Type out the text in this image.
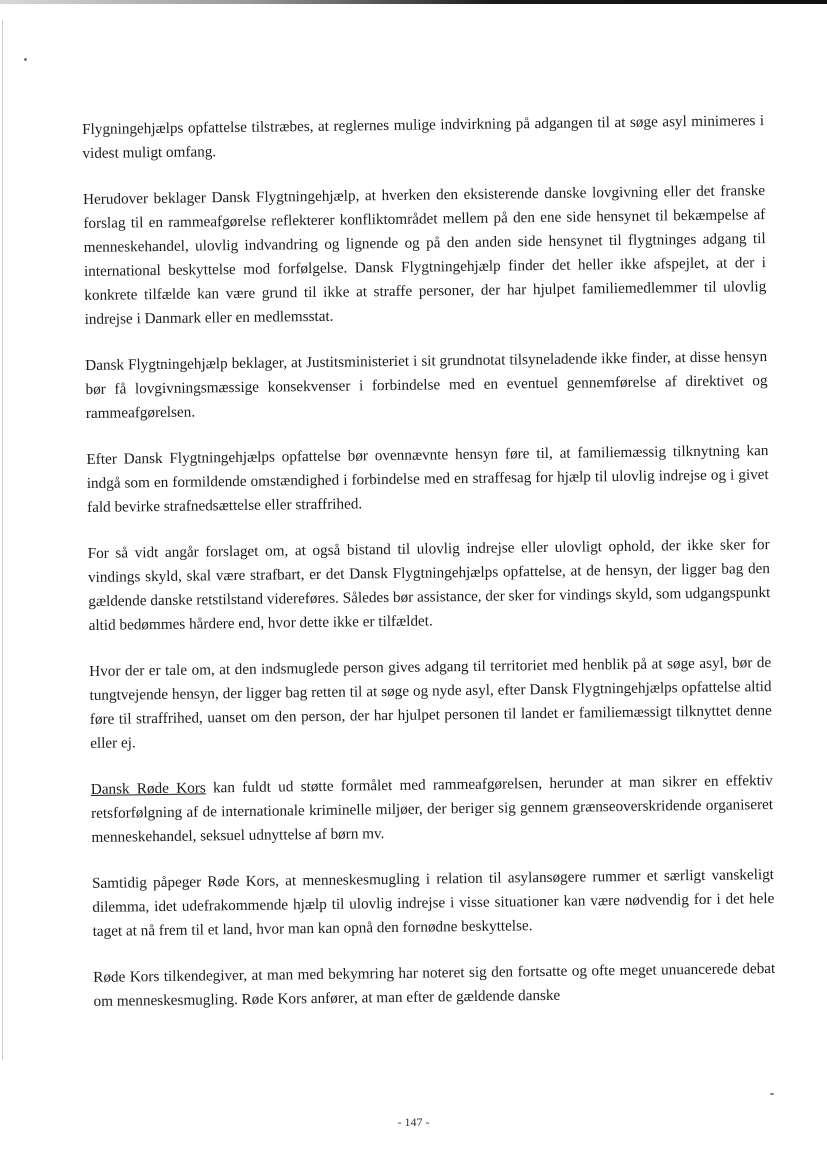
Flygningehjælps opfattelse tilstræbes, at reglernes mulige indvirkning på adgangen til at søge asyl minimeres i videst muligt omfang.

Herudover beklager Dansk Flygtningehjælp, at hverken den eksisterende danske lovgivning eller det franske forslag til en rammeafgørelse reflekterer konfliktområdet mellem på den ene side hensynet til bekæmpelse af menneskehandel, ulovlig indvandring og lignende og på den anden side hensynet til flygtninges adgang til international beskyttelse mod forfølgelse. Dansk Flygtningehjælp finder det heller ikke afspejlet, at der i konkrete tilfælde kan være grund til ikke at straffe personer, der har hjulpet familiemedlemmer til ulovlig indrejse i Danmark eller en medlemsstat.

Dansk Flygtningehjælp beklager, at Justitsministeriet i sit grundnotat tilsyneladende ikke finder, at disse hensyn bør få lovgivningsmæssige konsekvenser i forbindelse med en eventuel gennemførelse af direktivet og rammeafgørelsen.

Efter Dansk Flygtningehjælps opfattelse bør ovennævnte hensyn føre til, at familiemæssig tilknytning kan indgå som en formildende omstændighed i forbindelse med en straffesag for hjælp til ulovlig indrejse og i givet fald bevirke strafnedsættelse eller straffrihed.

For så vidt angår forslaget om, at også bistand til ulovlig indrejse eller ulovligt ophold, der ikke sker for vindings skyld, skal være strafbart, er det Dansk Flygtningehjælps opfattelse, at de hensyn, der ligger bag den gældende danske retstilstand videreføres. Således bør assistance, der sker for vindings skyld, som udgangspunkt altid bedømmes hårdere end, hvor dette ikke er tilfældet.

Hvor der er tale om, at den indsmuglede person gives adgang til territoriet med henblik på at søge asyl, bør de tungtvejende hensyn, der ligger bag retten til at søge og nyde asyl, efter Dansk Flygtningehjælps opfattelse altid føre til straffrihed, uanset om den person, der har hjulpet personen til landet er familiemæssigt tilknyttet denne eller ej.

Dansk Røde Kors kan fuldt ud støtte formålet med rammeafgørelsen, herunder at man sikrer en effektiv retsforfølgning af de internationale kriminelle miljøer, der beriger sig gennem grænseoverskridende organiseret menneskehandel, seksuel udnyttelse af børn mv.

Samtidig påpeger Røde Kors, at menneskesmugling i relation til asylansøgere rummer et særligt vanskeligt dilemma, idet udefrakommende hjælp til ulovlig indrejse i visse situationer kan være nødvendig for i det hele taget at nå frem til et land, hvor man kan opnå den fornødne beskyttelse.

Røde Kors tilkendegiver, at man med bekymring har noteret sig den fortsatte og ofte meget unuancerede debat om menneskesmugling. Røde Kors anfører, at man efter de gældende danske

- 147 -
